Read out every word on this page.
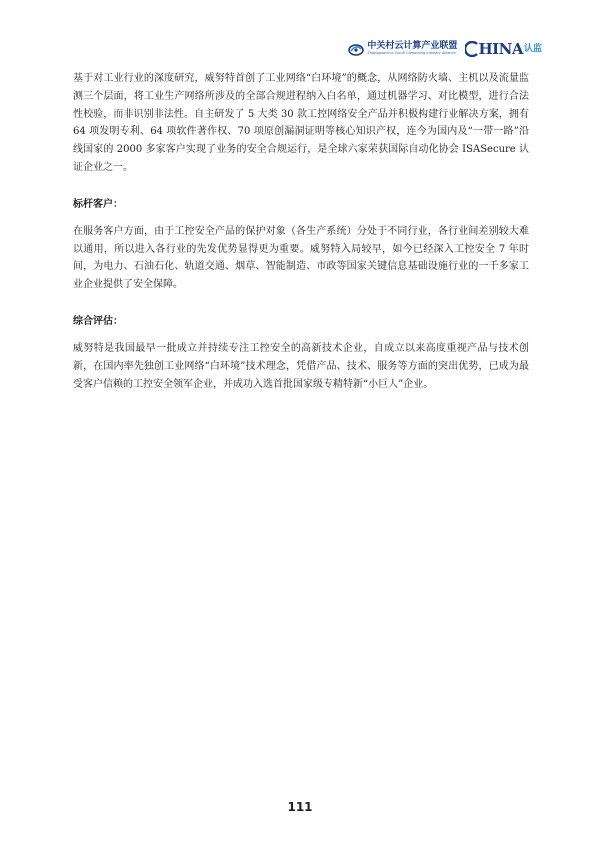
中关村云计算产业联盟
Zhongguancun Cloud Computing Industry Alliance HINA 认监

基于对工业行业的深度研究，威努特首创了工业网络“白环境”的概念，从网络防火墙、主机以及流量监测三个层面，将工业生产网络所涉及的全部合规进程纳入白名单，通过机器学习、对比模型，进行合法性校验，而非识别非法性。自主研发了 5 大类 30 款工控网络安全产品并积极构建行业解决方案，拥有 64 项发明专利、64 项软件著作权、70 项原创漏洞证明等核心知识产权，连今为国内及“一带一路”沿线国家的 2000 多家客户实现了业务的安全合规运行，是全球六家荣获国际自动化协会 ISASecure 认证企业之一。

标杆客户：

在服务客户方面，由于工控安全产品的保护对象（各生产系统）分处于不同行业，各行业间差别较大难以通用，所以进入各行业的先发优势显得更为重要。威努特入局较早，如今已经深入工控安全 7 年时间，为电力、石油石化、轨道交通、烟草、智能制造、市政等国家关键信息基础设施行业的一千多家工业企业提供了安全保障。

综合评估：

威努特是我国最早一批成立并持续专注工控安全的高新技术企业，自成立以来高度重视产品与技术创新，在国内率先独创工业网络“白环境”技术理念，凭借产品、技术、服务等方面的突出优势，已成为最受客户信赖的工控安全领军企业，并成功入选首批国家级专精特新“小巨人”企业。

111
